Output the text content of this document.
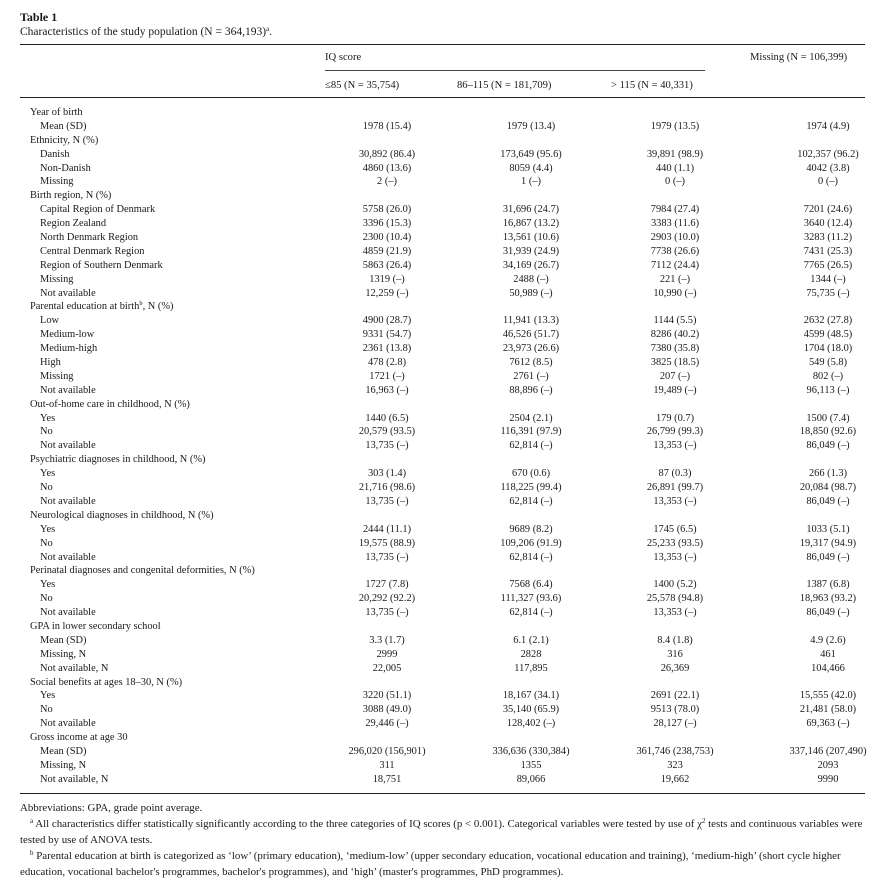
Table 1
Characteristics of the study population (N = 364,193)$^a$.
IQ score	Missing (N = 106,399)
≤85 (N = 35,754)	86–115 (N = 181,709)	> 115 (N = 40,331)
Year of birth
Mean (SD)	1978 (15.4)	1979 (13.4)	1979 (13.5)	1974 (4.9)
Ethnicity, N (%)
Danish	30,892 (86.4)	173,649 (95.6)	39,891 (98.9)	102,357 (96.2)
Non-Danish	4860 (13.6)	8059 (4.4)	440 (1.1)	4042 (3.8)
Missing	2 (–)	1 (–)	0 (–)	0 (–)
Birth region, N (%)
Capital Region of Denmark	5758 (26.0)	31,696 (24.7)	7984 (27.4)	7201 (24.6)
Region Zealand	3396 (15.3)	16,867 (13.2)	3383 (11.6)	3640 (12.4)
North Denmark Region	2300 (10.4)	13,561 (10.6)	2903 (10.0)	3283 (11.2)
Central Denmark Region	4859 (21.9)	31,939 (24.9)	7738 (26.6)	7431 (25.3)
Region of Southern Denmark	5863 (26.4)	34,169 (26.7)	7112 (24.4)	7765 (26.5)
Missing	1319 (–)	2488 (–)	221 (–)	1344 (–)
Not available	12,259 (–)	50,989 (–)	10,990 (–)	75,735 (–)
Parental education at birth$^b$, N (%)
Low	4900 (28.7)	11,941 (13.3)	1144 (5.5)	2632 (27.8)
Medium-low	9331 (54.7)	46,526 (51.7)	8286 (40.2)	4599 (48.5)
Medium-high	2361 (13.8)	23,973 (26.6)	7380 (35.8)	1704 (18.0)
High	478 (2.8)	7612 (8.5)	3825 (18.5)	549 (5.8)
Missing	1721 (–)	2761 (–)	207 (–)	802 (–)
Not available	16,963 (–)	88,896 (–)	19,489 (–)	96,113 (–)
Out-of-home care in childhood, N (%)
Yes	1440 (6.5)	2504 (2.1)	179 (0.7)	1500 (7.4)
No	20,579 (93.5)	116,391 (97.9)	26,799 (99.3)	18,850 (92.6)
Not available	13,735 (–)	62,814 (–)	13,353 (–)	86,049 (–)
Psychiatric diagnoses in childhood, N (%)
Yes	303 (1.4)	670 (0.6)	87 (0.3)	266 (1.3)
No	21,716 (98.6)	118,225 (99.4)	26,891 (99.7)	20,084 (98.7)
Not available	13,735 (–)	62,814 (–)	13,353 (–)	86,049 (–)
Neurological diagnoses in childhood, N (%)
Yes	2444 (11.1)	9689 (8.2)	1745 (6.5)	1033 (5.1)
No	19,575 (88.9)	109,206 (91.9)	25,233 (93.5)	19,317 (94.9)
Not available	13,735 (–)	62,814 (–)	13,353 (–)	86,049 (–)
Perinatal diagnoses and congenital deformities, N (%)
Yes	1727 (7.8)	7568 (6.4)	1400 (5.2)	1387 (6.8)
No	20,292 (92.2)	111,327 (93.6)	25,578 (94.8)	18,963 (93.2)
Not available	13,735 (–)	62,814 (–)	13,353 (–)	86,049 (–)
GPA in lower secondary school
Mean (SD)	3.3 (1.7)	6.1 (2.1)	8.4 (1.8)	4.9 (2.6)
Missing, N	2999	2828	316	461
Not available, N	22,005	117,895	26,369	104,466
Social benefits at ages 18–30, N (%)
Yes	3220 (51.1)	18,167 (34.1)	2691 (22.1)	15,555 (42.0)
No	3088 (49.0)	35,140 (65.9)	9513 (78.0)	21,481 (58.0)
Not available	29,446 (–)	128,402 (–)	28,127 (–)	69,363 (–)
Gross income at age 30
Mean (SD)	296,020 (156,901)	336,636 (330,384)	361,746 (238,753)	337,146 (207,490)
Missing, N	311	1355	323	2093
Not available, N	18,751	89,066	19,662	9990
Abbreviations: GPA, grade point average.
$^a$ All characteristics differ statistically significantly according to the three categories of IQ scores (p < 0.001). Categorical variables were tested by use of $\chi^2$ tests and continuous variables were tested by use of ANOVA tests.
$^b$ Parental education at birth is categorized as ‘low’ (primary education), ‘medium-low’ (upper secondary education, vocational education and training), ‘medium-high’ (short cycle higher education, vocational bachelor's programmes, bachelor's programmes), and ‘high’ (master's programmes, PhD programmes).
